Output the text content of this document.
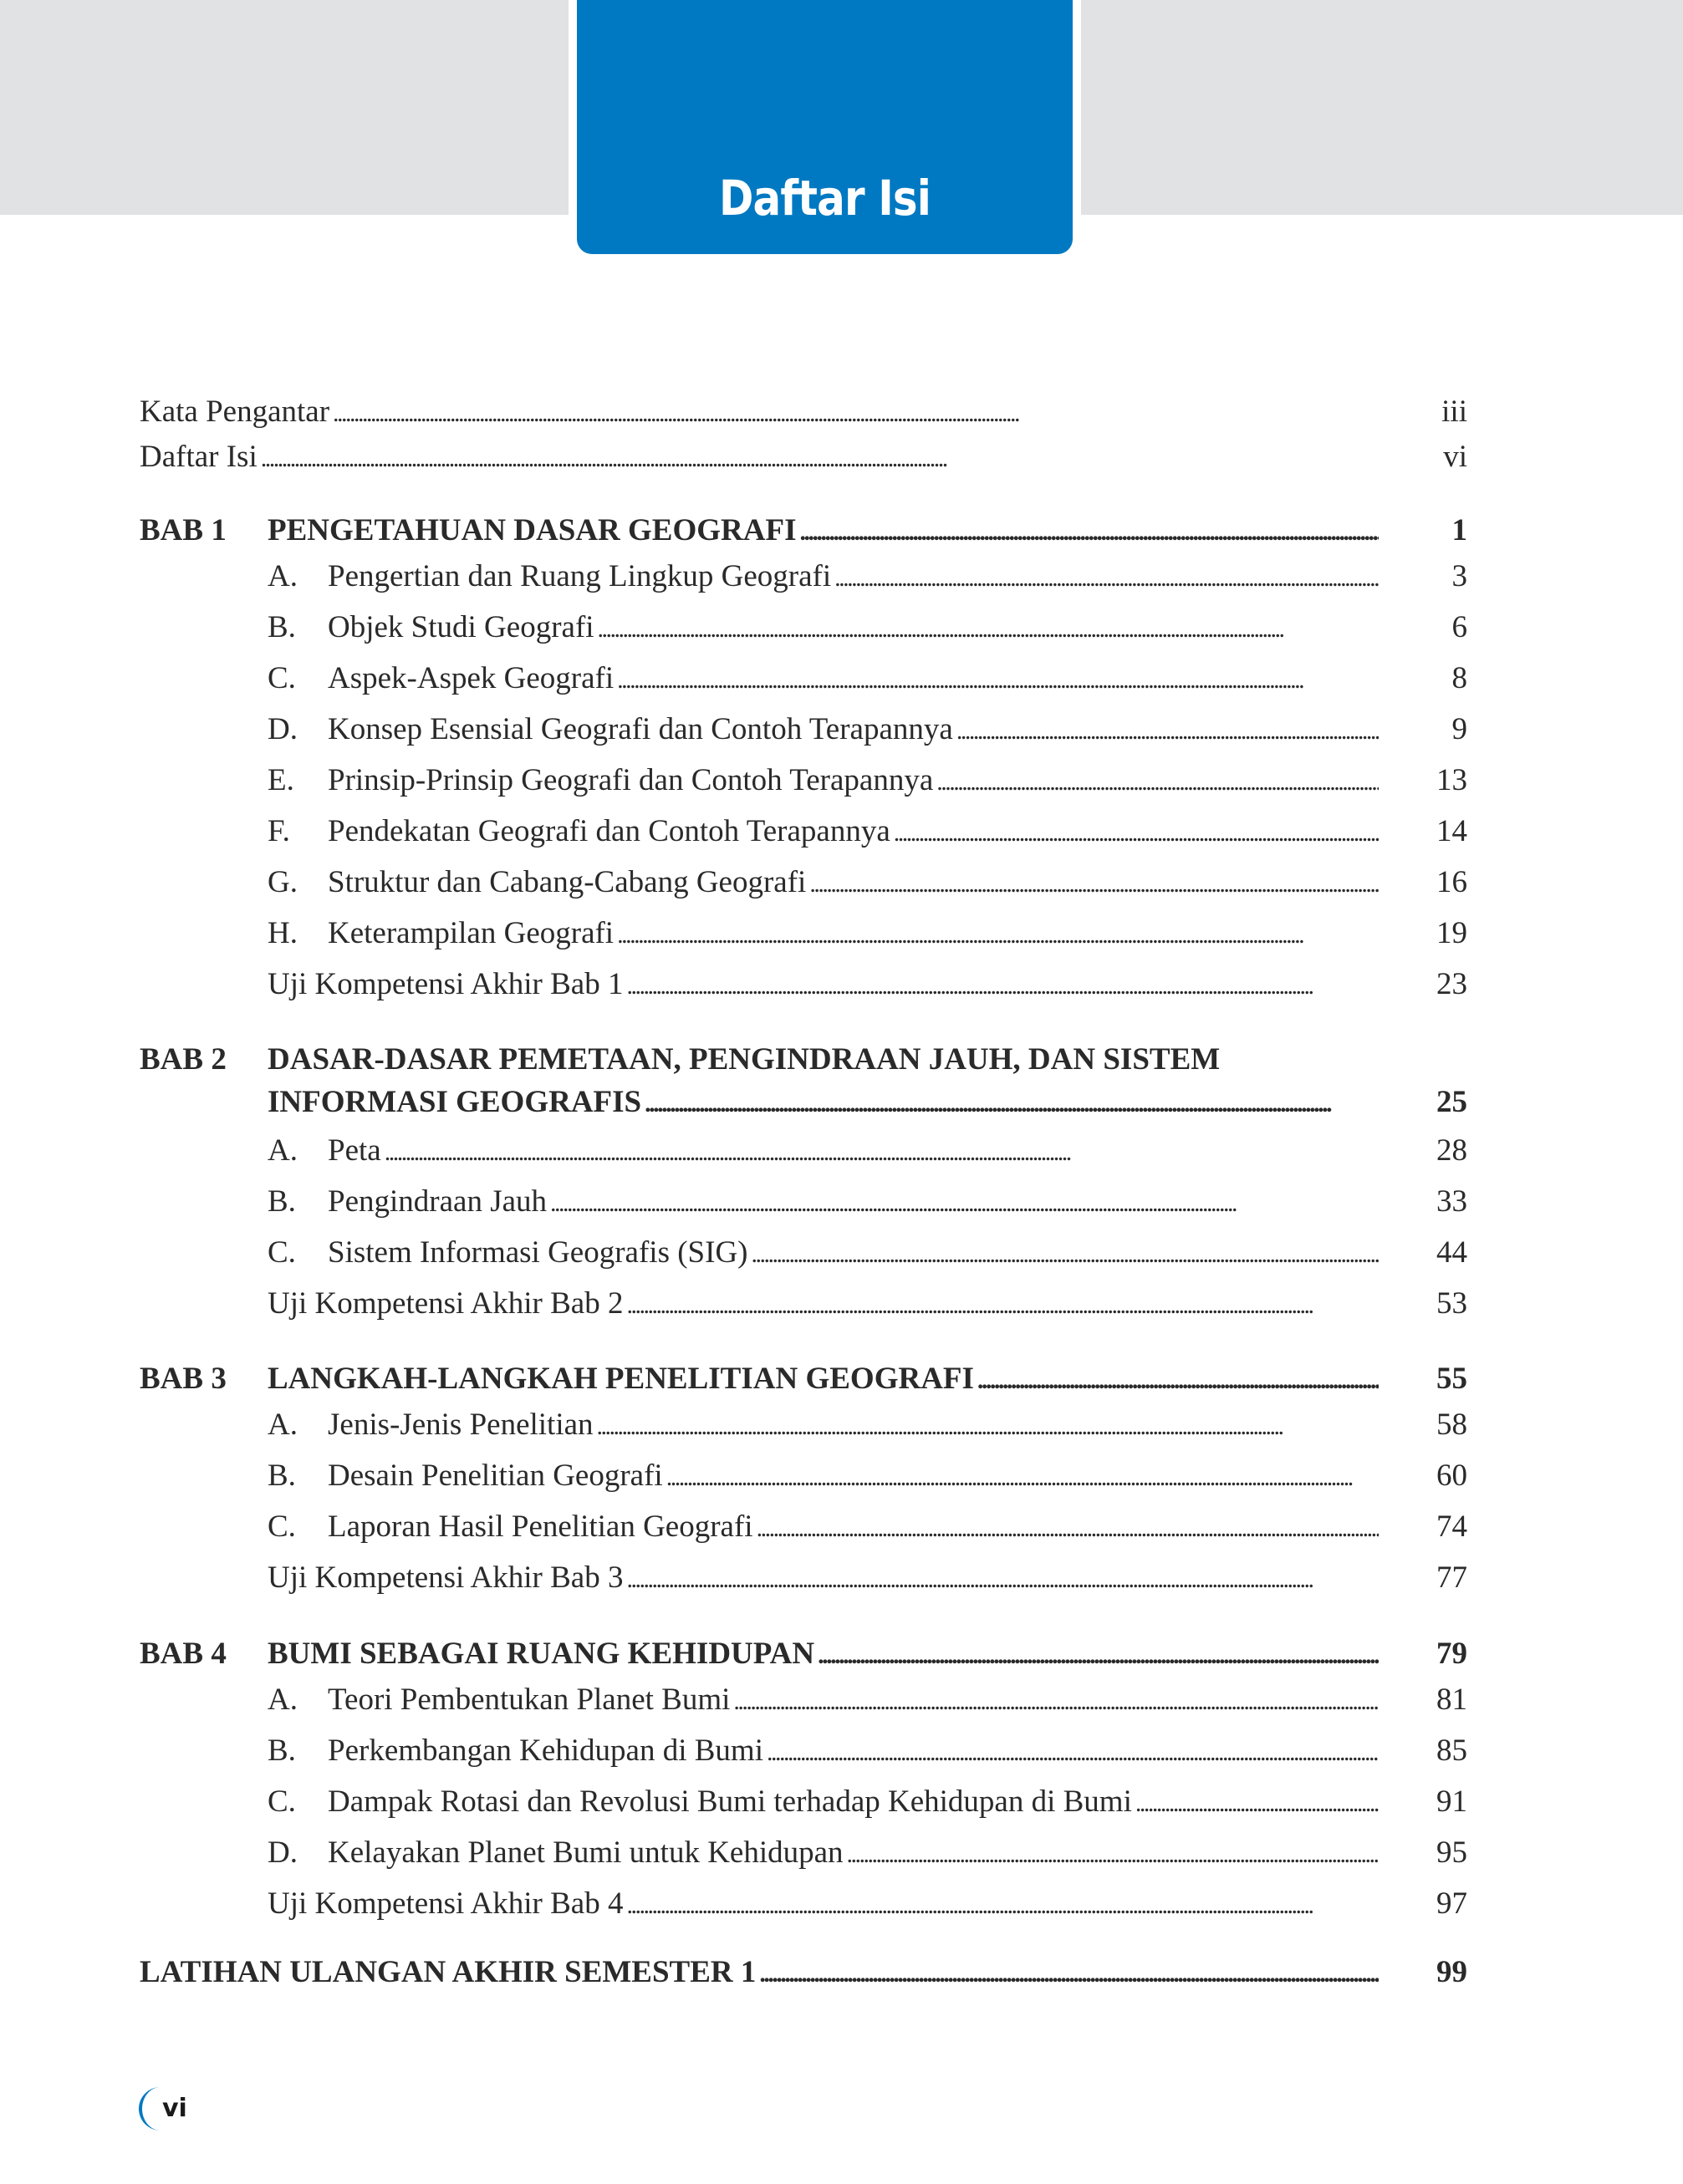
Daftar Isi
Kata Pengantar . . .	iii
Daftar Isi . . .	vi
BAB 1 PENGETAHUAN DASAR GEOGRAFI . . .	1
A. Pengertian dan Ruang Lingkup Geografi . . .	3
B. Objek Studi Geografi . . .	6
C. Aspek-Aspek Geografi . . .	8
D. Konsep Esensial Geografi dan Contoh Terapannya . . .	9
E. Prinsip-Prinsip Geografi dan Contoh Terapannya . . .	13
F. Pendekatan Geografi dan Contoh Terapannya . . .	14
G. Struktur dan Cabang-Cabang Geografi . . .	16
H. Keterampilan Geografi . . .	19
Uji Kompetensi Akhir Bab 1 . . .	23
BAB 2 DASAR-DASAR PEMETAAN, PENGINDRAAN JAUH, DAN SISTEM
INFORMASI GEOGRAFIS . . .	25
A. Peta . . .	28
B. Pengindraan Jauh . . .	33
C. Sistem Informasi Geografis (SIG) . . .	44
Uji Kompetensi Akhir Bab 2 . . .	53
BAB 3 LANGKAH-LANGKAH PENELITIAN GEOGRAFI . . .	55
A. Jenis-Jenis Penelitian . . .	58
B. Desain Penelitian Geografi . . .	60
C. Laporan Hasil Penelitian Geografi . . .	74
Uji Kompetensi Akhir Bab 3 . . .	77
BAB 4 BUMI SEBAGAI RUANG KEHIDUPAN . . .	79
A. Teori Pembentukan Planet Bumi . . .	81
B. Perkembangan Kehidupan di Bumi . . .	85
C. Dampak Rotasi dan Revolusi Bumi terhadap Kehidupan di Bumi . . .	91
D. Kelayakan Planet Bumi untuk Kehidupan . . .	95
Uji Kompetensi Akhir Bab 4 . . .	97
LATIHAN ULANGAN AKHIR SEMESTER 1 . . .	99
vi
